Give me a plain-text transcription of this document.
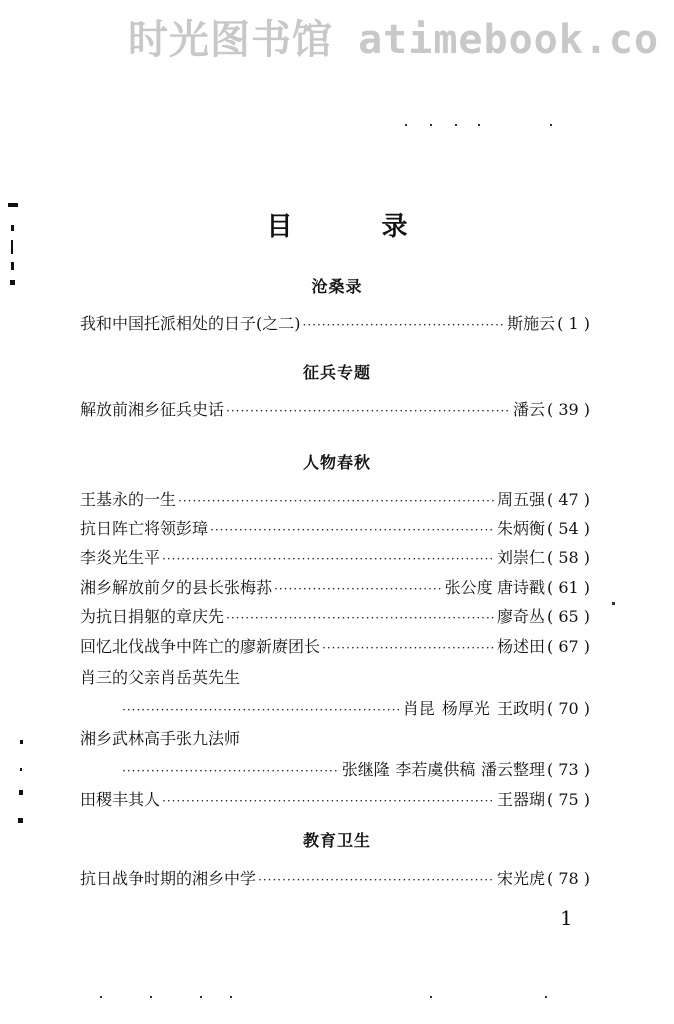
时光图书馆 atimebook.co
目 录
沧桑录
我和中国托派相处的日子(之二) ·····	斯施云 ( 1 )
征兵专题
解放前湘乡征兵史话 ·····	潘云 ( 39 )
人物春秋
王基永的一生 ·····	周五强 ( 47 )
抗日阵亡将领彭璋 ·····	朱炳衡 ( 54 )
李炎光生平 ·····	刘崇仁 ( 58 )
湘乡解放前夕的县长张梅荪 ·····	张公度 唐诗戳 ( 61 )
为抗日捐躯的章庆先 ·····	廖奇丛 ( 65 )
回忆北伐战争中阵亡的廖新赓团长 ·····	杨述田 ( 67 )
肖三的父亲肖岳英先生
·····
肖昆 杨厚光 王政明 ( 70 )
湘乡武林高手张九法师
·····
张继隆 李若虞供稿 潘云整理 ( 73 )
田稷丰其人 ·····	王器瑚 ( 75 )
教育卫生
抗日战争时期的湘乡中学 ·····	宋光虎 ( 78 )
1
